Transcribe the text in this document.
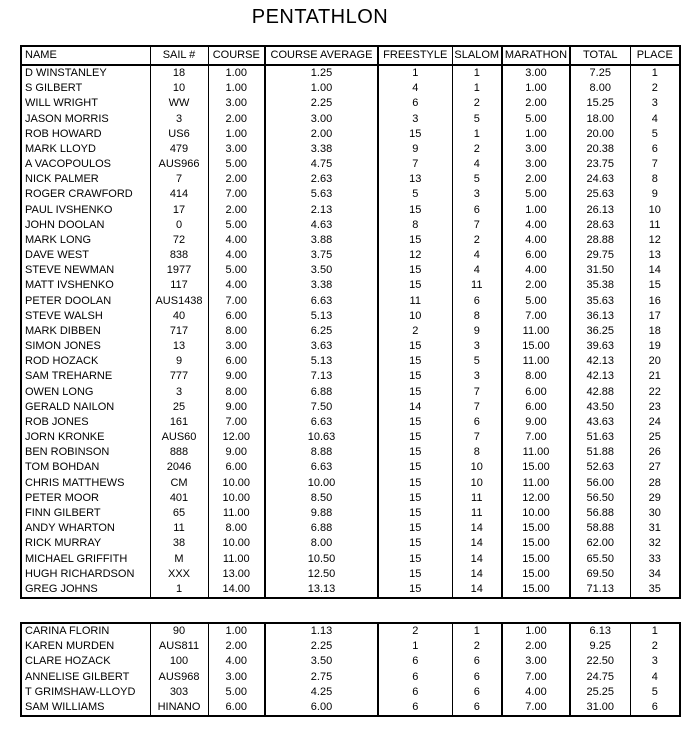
PENTATHLON
NAME	SAIL #	COURSE	COURSE AVERAGE	FREESTYLE	SLALOM	MARATHON	TOTAL	PLACE
D WINSTANLEY	18	1.00	1.25	1	1	3.00	7.25	1
S GILBERT	10	1.00	1.00	4	1	1.00	8.00	2
WILL WRIGHT	WW	3.00	2.25	6	2	2.00	15.25	3
JASON MORRIS	3	2.00	3.00	3	5	5.00	18.00	4
ROB HOWARD	US6	1.00	2.00	15	1	1.00	20.00	5
MARK LLOYD	479	3.00	3.38	9	2	3.00	20.38	6
A VACOPOULOS	AUS966	5.00	4.75	7	4	3.00	23.75	7
NICK PALMER	7	2.00	2.63	13	5	2.00	24.63	8
ROGER CRAWFORD	414	7.00	5.63	5	3	5.00	25.63	9
PAUL IVSHENKO	17	2.00	2.13	15	6	1.00	26.13	10
JOHN DOOLAN	0	5.00	4.63	8	7	4.00	28.63	11
MARK LONG	72	4.00	3.88	15	2	4.00	28.88	12
DAVE WEST	838	4.00	3.75	12	4	6.00	29.75	13
STEVE NEWMAN	1977	5.00	3.50	15	4	4.00	31.50	14
MATT IVSHENKO	117	4.00	3.38	15	11	2.00	35.38	15
PETER DOOLAN	AUS1438	7.00	6.63	11	6	5.00	35.63	16
STEVE WALSH	40	6.00	5.13	10	8	7.00	36.13	17
MARK DIBBEN	717	8.00	6.25	2	9	11.00	36.25	18
SIMON JONES	13	3.00	3.63	15	3	15.00	39.63	19
ROD HOZACK	9	6.00	5.13	15	5	11.00	42.13	20
SAM TREHARNE	777	9.00	7.13	15	3	8.00	42.13	21
OWEN LONG	3	8.00	6.88	15	7	6.00	42.88	22
GERALD NAILON	25	9.00	7.50	14	7	6.00	43.50	23
ROB JONES	161	7.00	6.63	15	6	9.00	43.63	24
JORN KRONKE	AUS60	12.00	10.63	15	7	7.00	51.63	25
BEN ROBINSON	888	9.00	8.88	15	8	11.00	51.88	26
TOM BOHDAN	2046	6.00	6.63	15	10	15.00	52.63	27
CHRIS MATTHEWS	CM	10.00	10.00	15	10	11.00	56.00	28
PETER MOOR	401	10.00	8.50	15	11	12.00	56.50	29
FINN GILBERT	65	11.00	9.88	15	11	10.00	56.88	30
ANDY WHARTON	11	8.00	6.88	15	14	15.00	58.88	31
RICK MURRAY	38	10.00	8.00	15	14	15.00	62.00	32
MICHAEL GRIFFITH	M	11.00	10.50	15	14	15.00	65.50	33
HUGH RICHARDSON	XXX	13.00	12.50	15	14	15.00	69.50	34
GREG JOHNS	1	14.00	13.13	15	14	15.00	71.13	35
CARINA FLORIN	90	1.00	1.13	2	1	1.00	6.13	1
KAREN MURDEN	AUS811	2.00	2.25	1	2	2.00	9.25	2
CLARE HOZACK	100	4.00	3.50	6	6	3.00	22.50	3
ANNELISE GILBERT	AUS968	3.00	2.75	6	6	7.00	24.75	4
T GRIMSHAW-LLOYD	303	5.00	4.25	6	6	4.00	25.25	5
SAM WILLIAMS	HINANO	6.00	6.00	6	6	7.00	31.00	6
